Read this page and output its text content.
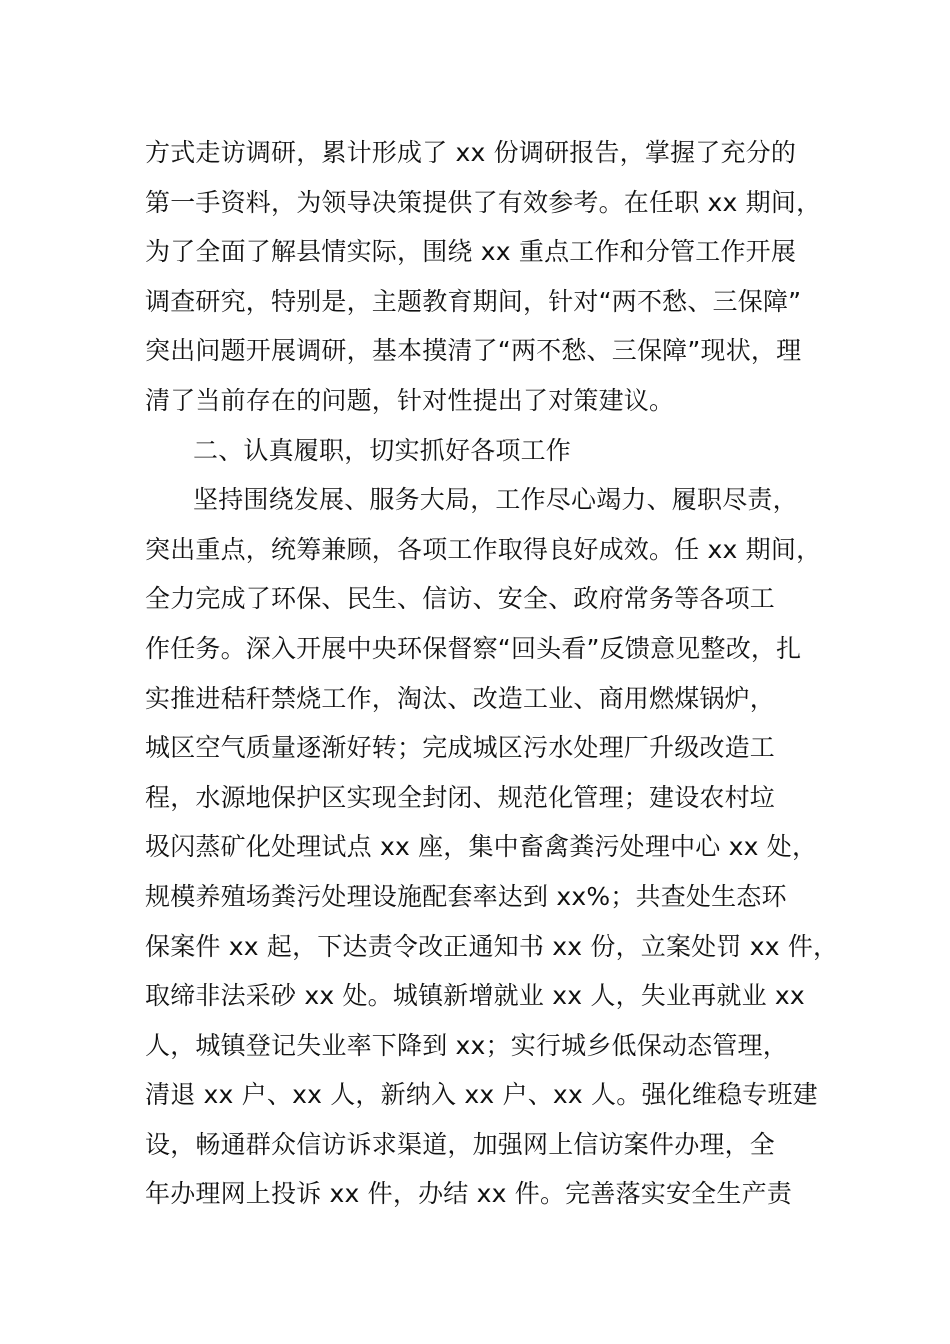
方式走访调研，累计形成了 xx 份调研报告，掌握了充分的
第一手资料，为领导决策提供了有效参考。在任职 xx 期间，
为了全面了解县情实际，围绕 xx 重点工作和分管工作开展
调查研究，特别是，主题教育期间，针对“两不愁、三保障”
突出问题开展调研，基本摸清了“两不愁、三保障”现状，理
清了当前存在的问题，针对性提出了对策建议。
二、认真履职，切实抓好各项工作
坚持围绕发展、服务大局，工作尽心竭力、履职尽责，
突出重点，统筹兼顾，各项工作取得良好成效。任 xx 期间，
全力完成了环保、民生、信访、安全、政府常务等各项工
作任务。深入开展中央环保督察“回头看”反馈意见整改，扎
实推进秸秆禁烧工作，淘汰、改造工业、商用燃煤锅炉，
城区空气质量逐渐好转；完成城区污水处理厂升级改造工
程，水源地保护区实现全封闭、规范化管理；建设农村垃
圾闪蒸矿化处理试点 xx 座，集中畜禽粪污处理中心 xx 处，
规模养殖场粪污处理设施配套率达到 xx%；共查处生态环
保案件 xx 起，下达责令改正通知书 xx 份，立案处罚 xx 件，
取缔非法采砂 xx 处。城镇新增就业 xx 人，失业再就业 xx
人，城镇登记失业率下降到 xx；实行城乡低保动态管理，
清退 xx 户、xx 人，新纳入 xx 户、xx 人。强化维稳专班建
设，畅通群众信访诉求渠道，加强网上信访案件办理，全
年办理网上投诉 xx 件，办结 xx 件。完善落实安全生产责
